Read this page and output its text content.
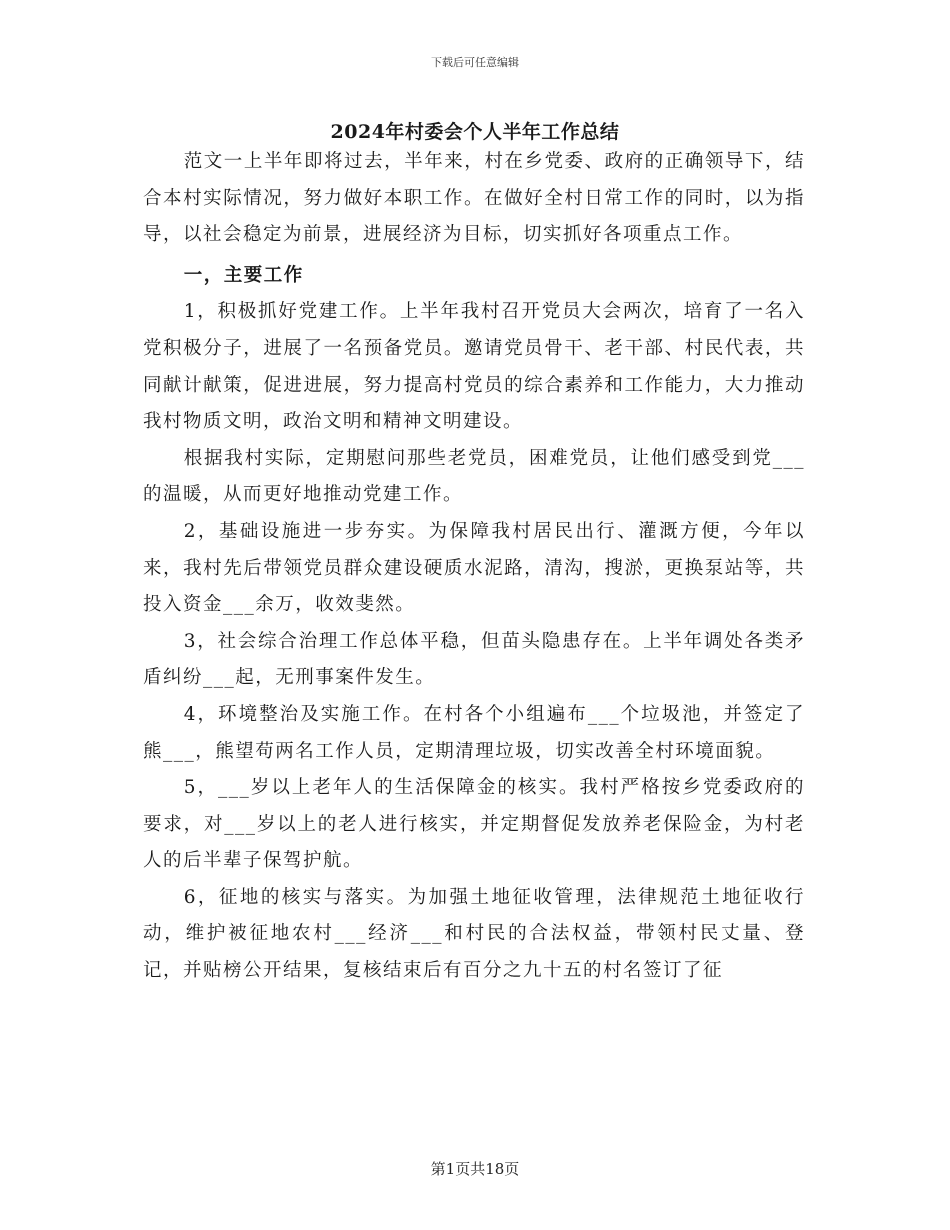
下载后可任意编辑
2024年村委会个人半年工作总结

范文一上半年即将过去，半年来，村在乡党委、政府的正确领导下，结合本村实际情况，努力做好本职工作。在做好全村日常工作的同时，以为指导，以社会稳定为前景，进展经济为目标，切实抓好各项重点工作。

一，主要工作

1，积极抓好党建工作。上半年我村召开党员大会两次，培育了一名入党积极分子，进展了一名预备党员。邀请党员骨干、老干部、村民代表，共同献计献策，促进进展，努力提高村党员的综合素养和工作能力，大力推动我村物质文明，政治文明和精神文明建设。

根据我村实际，定期慰问那些老党员，困难党员，让他们感受到党___的温暖，从而更好地推动党建工作。

2，基础设施进一步夯实。为保障我村居民出行、灌溉方便，今年以来，我村先后带领党员群众建设硬质水泥路，清沟，搜淤，更换泵站等，共投入资金___余万，收效斐然。

3，社会综合治理工作总体平稳，但苗头隐患存在。上半年调处各类矛盾纠纷___起，无刑事案件发生。

4，环境整治及实施工作。在村各个小组遍布___个垃圾池，并签定了熊___，熊望苟两名工作人员，定期清理垃圾，切实改善全村环境面貌。

5，___岁以上老年人的生活保障金的核实。我村严格按乡党委政府的要求，对___岁以上的老人进行核实，并定期督促发放养老保险金，为村老人的后半辈子保驾护航。

6，征地的核实与落实。为加强土地征收管理，法律规范土地征收行动，维护被征地农村___经济___和村民的合法权益，带领村民丈量、登记，并贴榜公开结果，复核结束后有百分之九十五的村名签订了征

第1页共18页
